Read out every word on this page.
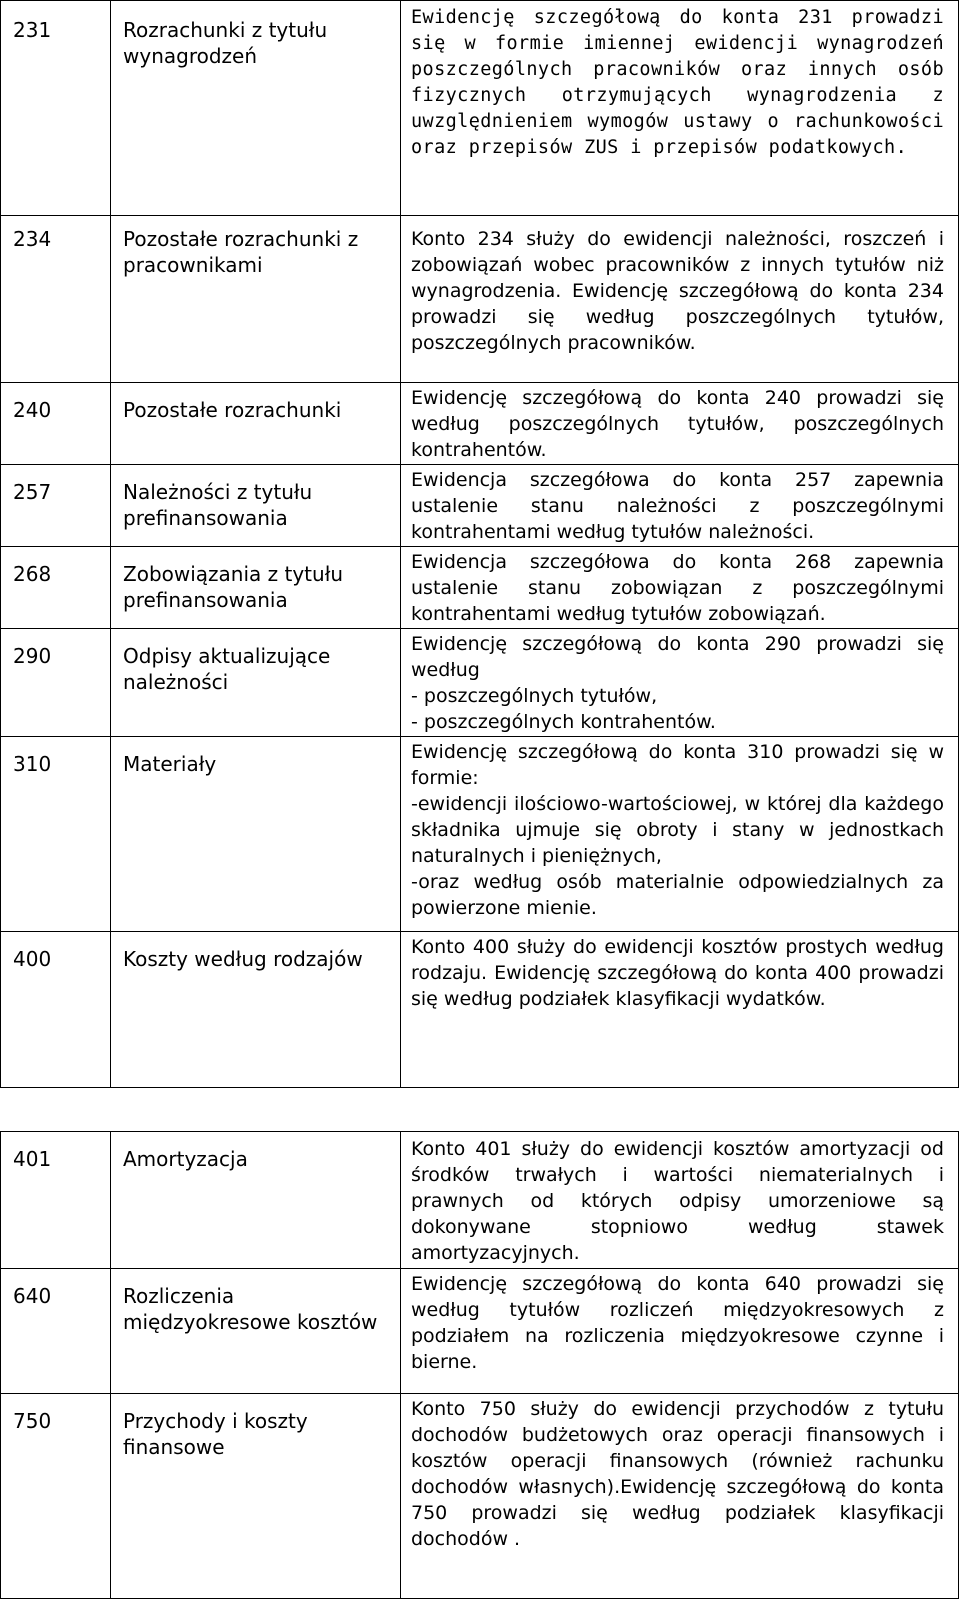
231	Rozrachunki z tytułu wynagrodzeń	Ewidencję szczegółową do konta 231 prowadzi się w formie imiennej ewidencji wynagrodzeń poszczególnych pracowników oraz innych osób fizycznych otrzymujących wynagrodzenia z uwzględnieniem wymogów ustawy o rachunkowości oraz przepisów ZUS i przepisów podatkowych.

234	Pozostałe rozrachunki z pracownikami	Konto 234 służy do ewidencji należności, roszczeń i zobowiązań wobec pracowników z innych tytułów niż wynagrodzenia. Ewidencję szczegółową do konta 234 prowadzi się według poszczególnych tytułów, poszczególnych pracowników.

240	Pozostałe rozrachunki	Ewidencję szczegółową do konta 240 prowadzi się według poszczególnych tytułów, poszczególnych kontrahentów.

257	Należności z tytułu prefinansowania	Ewidencja szczegółowa do konta 257 zapewnia ustalenie stanu należności z poszczególnymi kontrahentami według tytułów należności.

268	Zobowiązania z tytułu prefinansowania	Ewidencja szczegółowa do konta 268 zapewnia ustalenie stanu zobowiązan z poszczególnymi kontrahentami według tytułów zobowiązań.

290	Odpisy aktualizujące należności	Ewidencję szczegółową do konta 290 prowadzi się według
- poszczególnych tytułów,
- poszczególnych kontrahentów.

310	Materiały	Ewidencję szczegółową do konta 310 prowadzi się w formie:
-ewidencji ilościowo-wartościowej, w której dla każdego składnika ujmuje się obroty i stany w jednostkach naturalnych i pieniężnych,
-oraz według osób materialnie odpowiedzialnych za powierzone mienie.

400	Koszty według rodzajów	Konto 400 służy do ewidencji kosztów prostych według rodzaju. Ewidencję szczegółową do konta 400 prowadzi się według podziałek klasyfikacji wydatków.
401	Amortyzacja	Konto 401 służy do ewidencji kosztów amortyzacji od środków trwałych i wartości niematerialnych i prawnych od których odpisy umorzeniowe są dokonywane stopniowo według stawek amortyzacyjnych.

640	Rozliczenia międzyokresowe kosztów	Ewidencję szczegółową do konta 640 prowadzi się według tytułów rozliczeń międzyokresowych z podziałem na rozliczenia międzyokresowe czynne i bierne.

750	Przychody i koszty finansowe	Konto 750 służy do ewidencji przychodów z tytułu dochodów budżetowych oraz operacji finansowych i kosztów operacji finansowych (również rachunku dochodów własnych).Ewidencję szczegółową do konta 750 prowadzi się według podziałek klasyfikacji dochodów .
